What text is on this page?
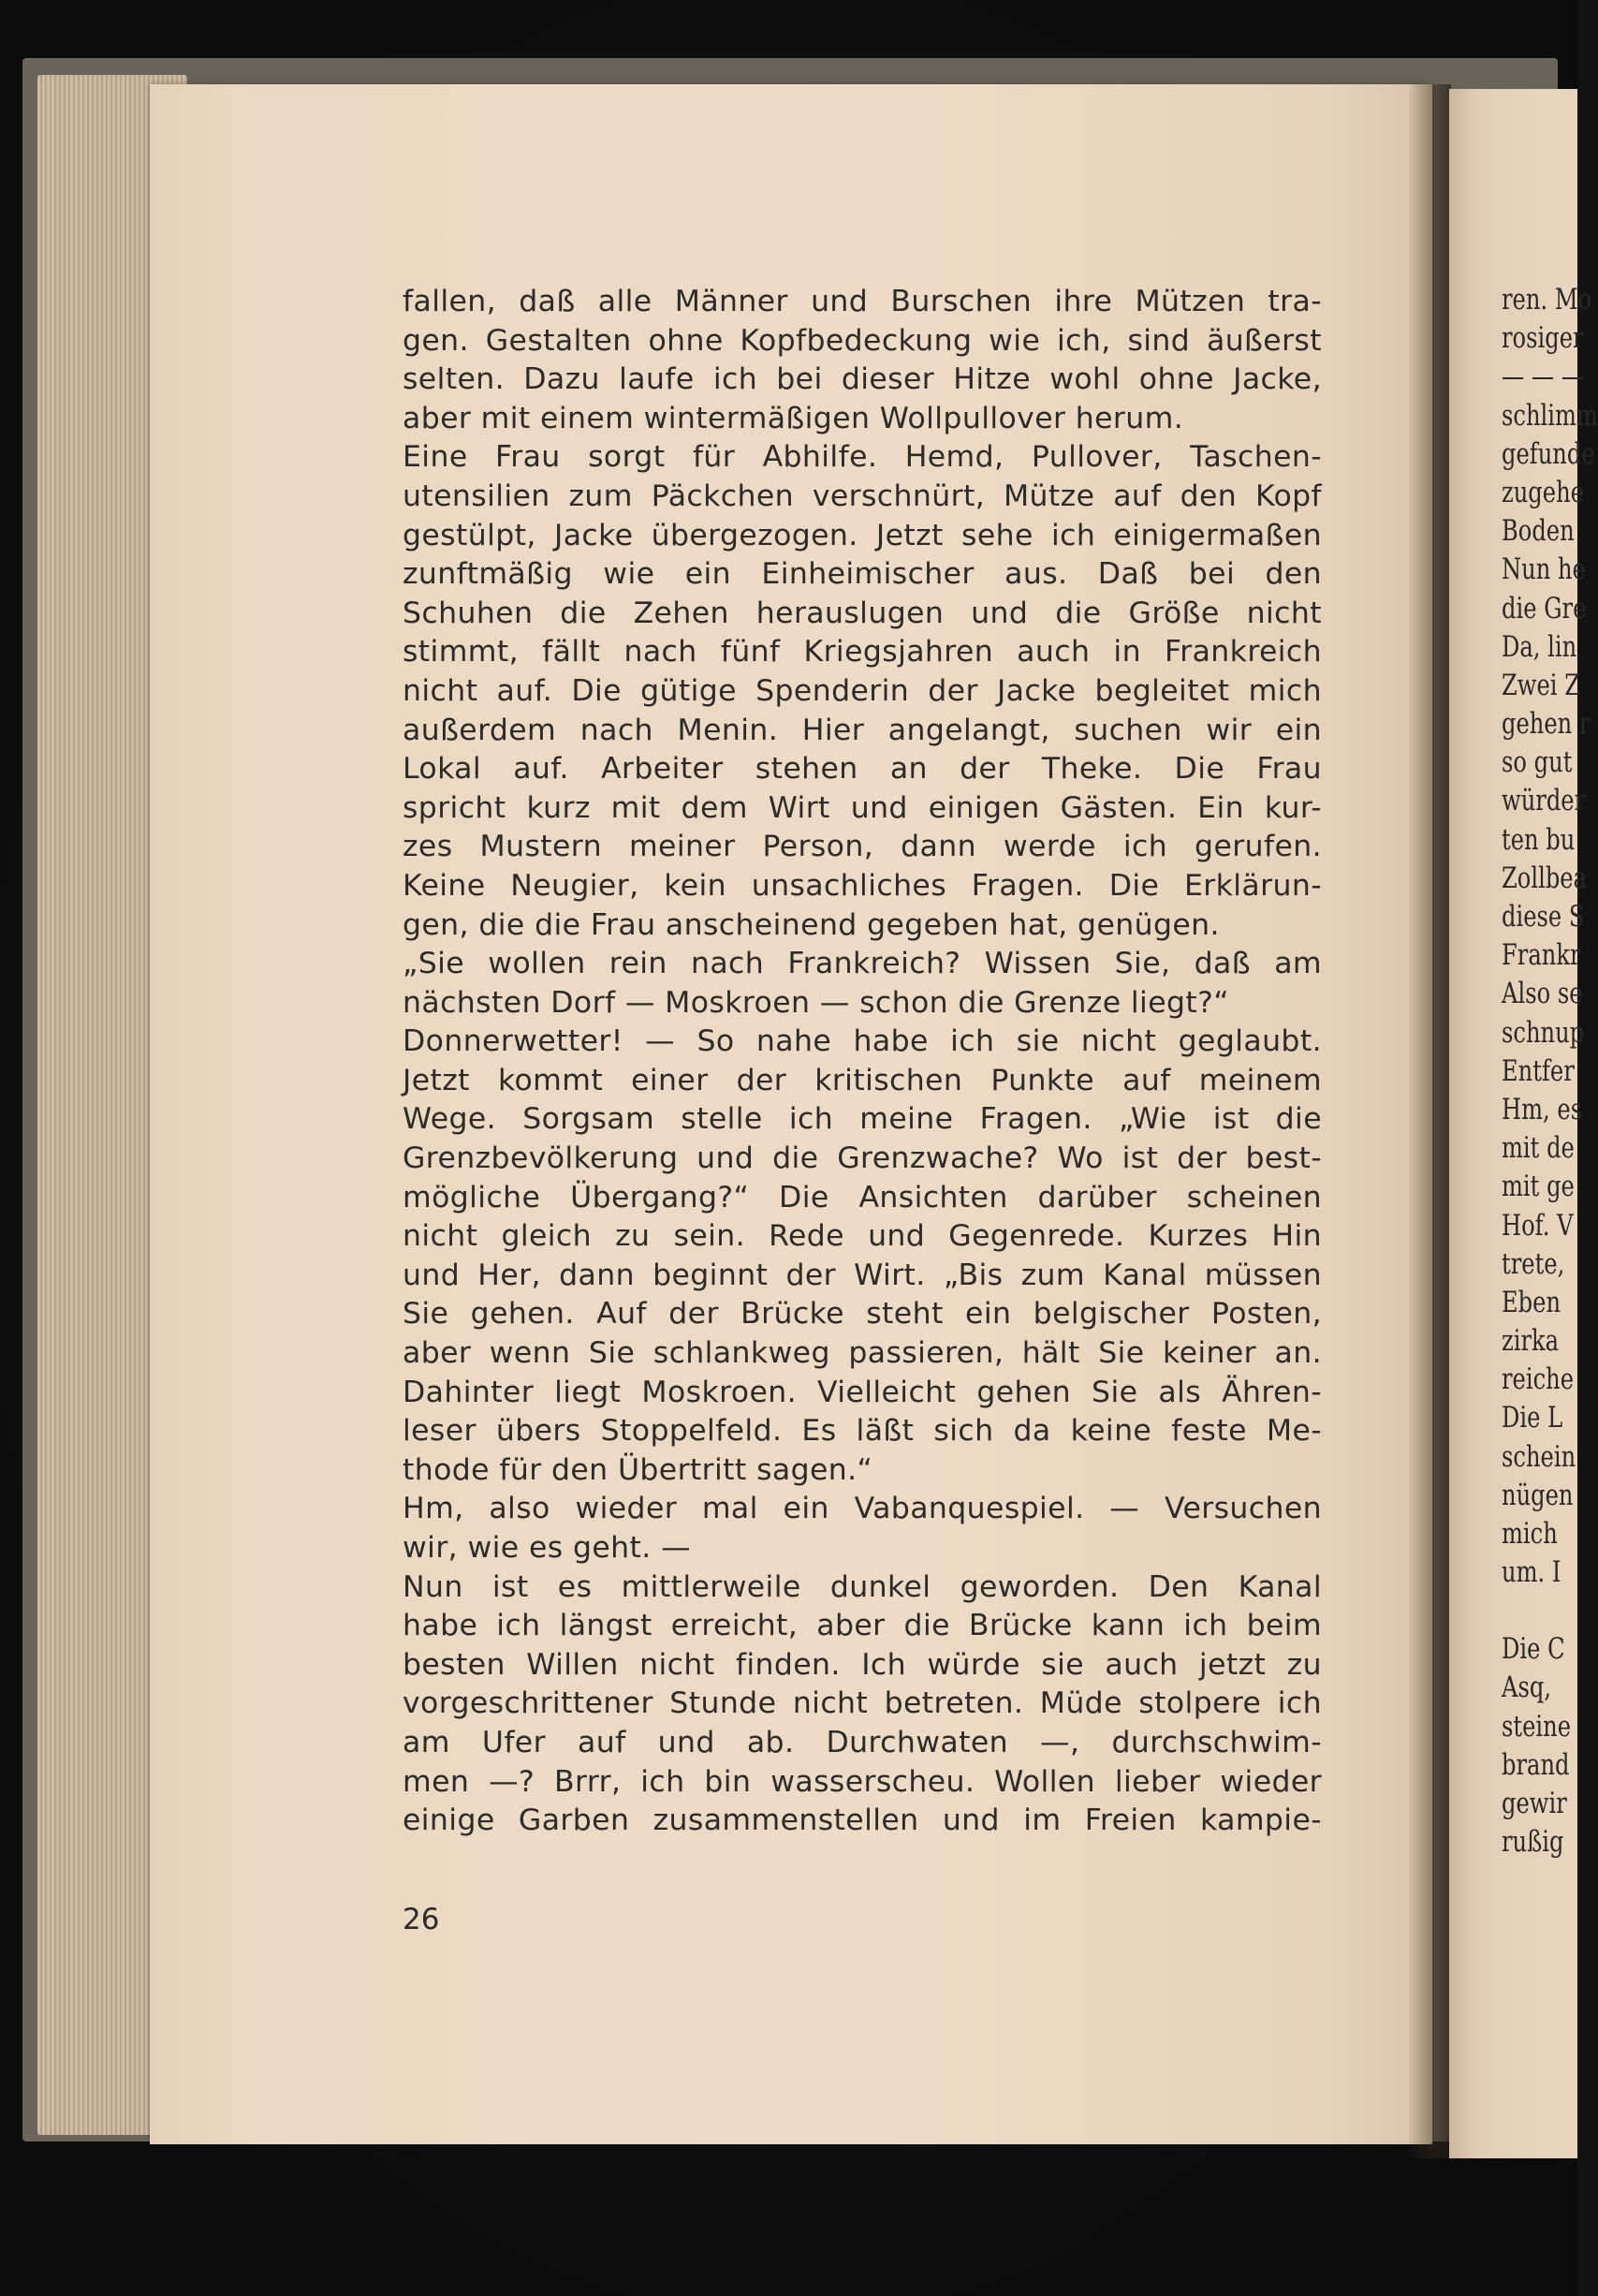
fallen, daß alle Männer und Burschen ihre Mützen tra-
gen. Gestalten ohne Kopfbedeckung wie ich, sind äußerst
selten. Dazu laufe ich bei dieser Hitze wohl ohne Jacke,
aber mit einem wintermäßigen Wollpullover herum.
Eine Frau sorgt für Abhilfe. Hemd, Pullover, Taschen-
utensilien zum Päckchen verschnürt, Mütze auf den Kopf
gestülpt, Jacke übergezogen. Jetzt sehe ich einigermaßen
zunftmäßig wie ein Einheimischer aus. Daß bei den
Schuhen die Zehen herauslugen und die Größe nicht
stimmt, fällt nach fünf Kriegsjahren auch in Frankreich
nicht auf. Die gütige Spenderin der Jacke begleitet mich
außerdem nach Menin. Hier angelangt, suchen wir ein
Lokal auf. Arbeiter stehen an der Theke. Die Frau
spricht kurz mit dem Wirt und einigen Gästen. Ein kur-
zes Mustern meiner Person, dann werde ich gerufen.
Keine Neugier, kein unsachliches Fragen. Die Erklärun-
gen, die die Frau anscheinend gegeben hat, genügen.
„Sie wollen rein nach Frankreich? Wissen Sie, daß am
nächsten Dorf — Moskroen — schon die Grenze liegt?“
Donnerwetter! — So nahe habe ich sie nicht geglaubt.
Jetzt kommt einer der kritischen Punkte auf meinem
Wege. Sorgsam stelle ich meine Fragen. „Wie ist die
Grenzbevölkerung und die Grenzwache? Wo ist der best-
mögliche Übergang?“ Die Ansichten darüber scheinen
nicht gleich zu sein. Rede und Gegenrede. Kurzes Hin
und Her, dann beginnt der Wirt. „Bis zum Kanal müssen
Sie gehen. Auf der Brücke steht ein belgischer Posten,
aber wenn Sie schlankweg passieren, hält Sie keiner an.
Dahinter liegt Moskroen. Vielleicht gehen Sie als Ähren-
leser übers Stoppelfeld. Es läßt sich da keine feste Me-
thode für den Übertritt sagen.“
Hm, also wieder mal ein Vabanquespiel. — Versuchen
wir, wie es geht. —
Nun ist es mittlerweile dunkel geworden. Den Kanal
habe ich längst erreicht, aber die Brücke kann ich beim
besten Willen nicht finden. Ich würde sie auch jetzt zu
vorgeschrittener Stunde nicht betreten. Müde stolpere ich
am Ufer auf und ab. Durchwaten —, durchschwim-
men —? Brrr, ich bin wasserscheu. Wollen lieber wieder
einige Garben zusammenstellen und im Freien kampie-
26
ren. Mo
rosiger
— — —
schlimm
gefunde
zugehe
Boden
Nun he
die Gre
Da, lin
Zwei Z
gehen r
so gut
würder
ten bu
Zollbea
diese S
Frankr
Also se
schnup
Entfer
Hm, es
mit de
mit ge
Hof. V
trete,
Eben
zirka
reiche
Die L
schein
nügen
mich
um. I
Die C
Asq,
steine
brand
gewir
rußig
